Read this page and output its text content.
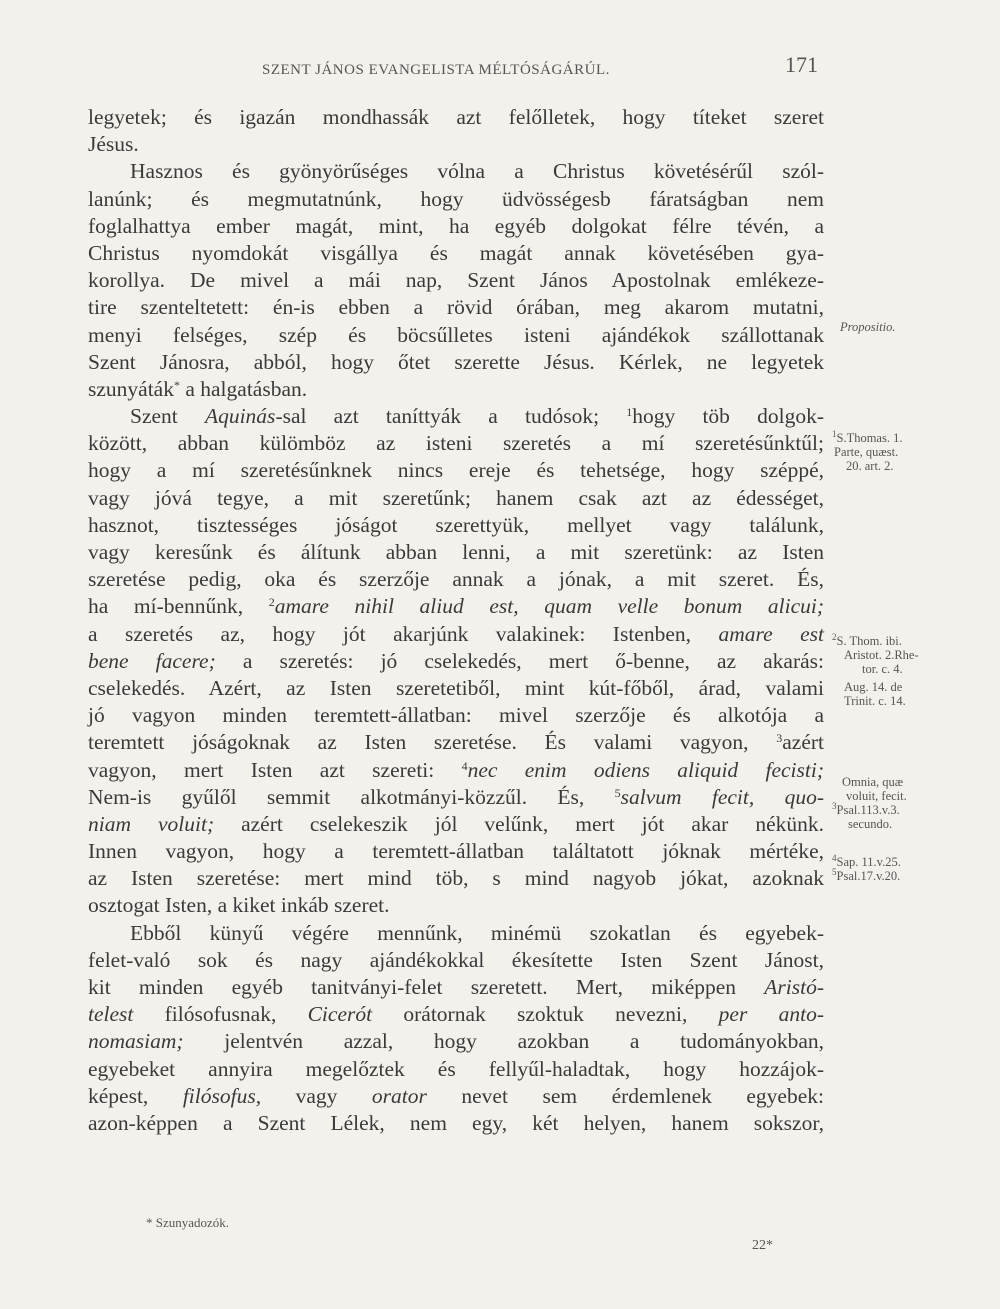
SZENT JÁNOS EVANGELISTA MÉLTÓSÁGÁRÚL.	171
legyetek; és igazán mondhassák azt felőlletek, hogy títeket szeret
Jésus.
Hasznos és gyönyörűséges vólna a Christus követésérűl szól-
lanúnk; és megmutatnúnk, hogy üdvösségesb fáratságban nem
foglalhattya ember magát, mint, ha egyéb dolgokat félre tévén, a
Christus nyomdokát visgállya és magát annak követésében gya-
korollya. De mivel a mái nap, Szent János Apostolnak emlékeze-
tire szenteltetett: én-is ebben a rövid órában, meg akarom mutatni,
menyi felséges, szép és böcsűlletes isteni ajándékok szállottanak
Szent Jánosra, abból, hogy őtet szerette Jésus. Kérlek, ne legyetek
szunyáták* a halgatásban.
Szent Aquinás-sal azt taníttyák a tudósok; $^1$hogy töb dolgok-
között, abban külömböz az isteni szeretés a mí szeretésűnktűl;
hogy a mí szeretésűnknek nincs ereje és tehetsége, hogy széppé,
vagy jóvá tegye, a mit szeretűnk; hanem csak azt az édességet,
hasznot, tisztességes jóságot szerettyük, mellyet vagy találunk,
vagy keresűnk és álítunk abban lenni, a mit szeretünk: az Isten
szeretése pedig, oka és szerzője annak a jónak, a mit szeret. És,
ha mí-bennűnk, $^2$amare nihil aliud est, quam velle bonum alicui;
a szeretés az, hogy jót akarjúnk valakinek: Istenben, amare est
bene facere; a szeretés: jó cselekedés, mert ő-benne, az akarás:
cselekedés. Azért, az Isten szeretetiből, mint kút-főből, árad, valami
jó vagyon minden teremtett-állatban: mivel szerzője és alkotója a
teremtett jóságoknak az Isten szeretése. És valami vagyon, $^3$azért
vagyon, mert Isten azt szereti: $^4$nec enim odiens aliquid fecisti;
Nem-is gyűlől semmit alkotmányi-közzűl. És, $^5$salvum fecit, quo-
niam voluit; azért cselekeszik jól velűnk, mert jót akar nékünk.
Innen vagyon, hogy a teremtett-állatban találtatott jóknak mértéke,
az Isten szeretése: mert mind töb, s mind nagyob jókat, azoknak
osztogat Isten, a kiket inkáb szeret.
Ebből künyű végére mennűnk, minémü szokatlan és egyebek-
felet-való sok és nagy ajándékokkal ékesítette Isten Szent Jánost,
kit minden egyéb tanitványi-felet szeretett. Mert, miképpen Aristó-
telest filósofusnak, Cicerót orátornak szoktuk nevezni, per anto-
nomasiam; jelentvén azzal, hogy azokban a tudományokban,
egyebeket annyira megelőztek és fellyűl-haladtak, hogy hozzájok-
képest, filósofus, vagy orator nevet sem érdemlenek egyebek:
azon-képpen a Szent Lélek, nem egy, két helyen, hanem sokszor,
Propositio.
$^1$S.Thomas. 1.
Parte, quæst.
20. art. 2.
$^2$S. Thom. ibi.
Aristot. 2.Rhe-
tor. c. 4.
Aug. 14. de
Trinit. c. 14.
Omnia, quæ
voluit, fecit.
$^3$Psal.113.v.3.
secundo.
$^4$Sap. 11.v.25.
$^5$Psal.17.v.20.
* Szunyadozók.
22*
